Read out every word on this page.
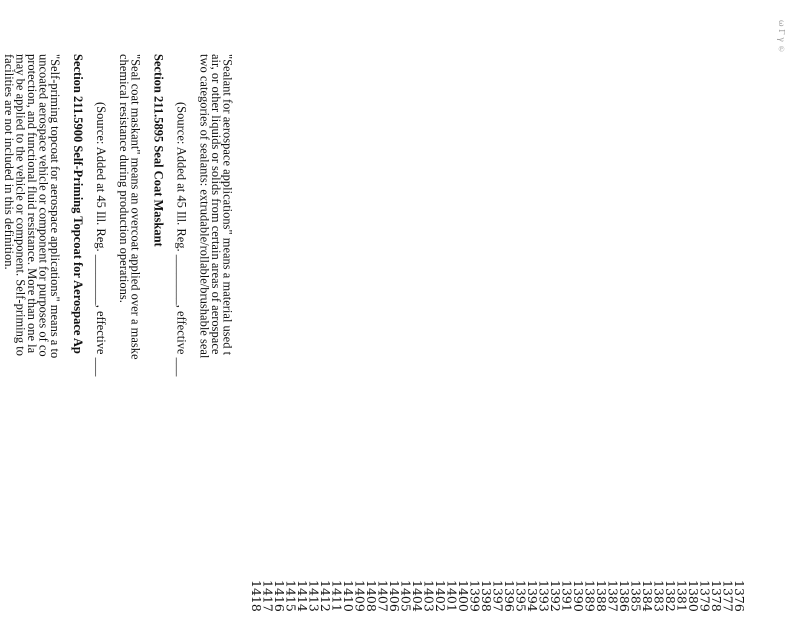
ω Γ γ ℗
1376
1377
1378
1379
1380
1381
1382
1383
1384
1385
1386
1387
1388
1389
1390
1391
1392
1393
1394
1395
1396
1397
1398
1399
1400
1401
1402
1403
1404
1405
1406
1407
1408
1409
1410
1411
1412
1413
1414
1415
1416
1417
1418
"Sealant for aerospace applications" means a material used t
air, or other liquids or solids from certain areas of aerospace
two categories of sealants: extrudable/rollable/brushable seal

(Source: Added at 45 Ill. Reg. ________, effective ___

Section 211.5895 Seal Coat Maskant

"Seal coat maskant" means an overcoat applied over a maske
chemical resistance during production operations.

(Source: Added at 45 Ill. Reg. ________, effective ___

Section 211.5900 Self-Priming Topcoat for Aerospace Ap

"Self-priming topcoat for aerospace applications" means a to
uncoated aerospace vehicle or component for purposes of co
protection, and functional fluid resistance. More than one la
may be applied to the vehicle or component. Self-priming to
facilities are not included in this definition.
